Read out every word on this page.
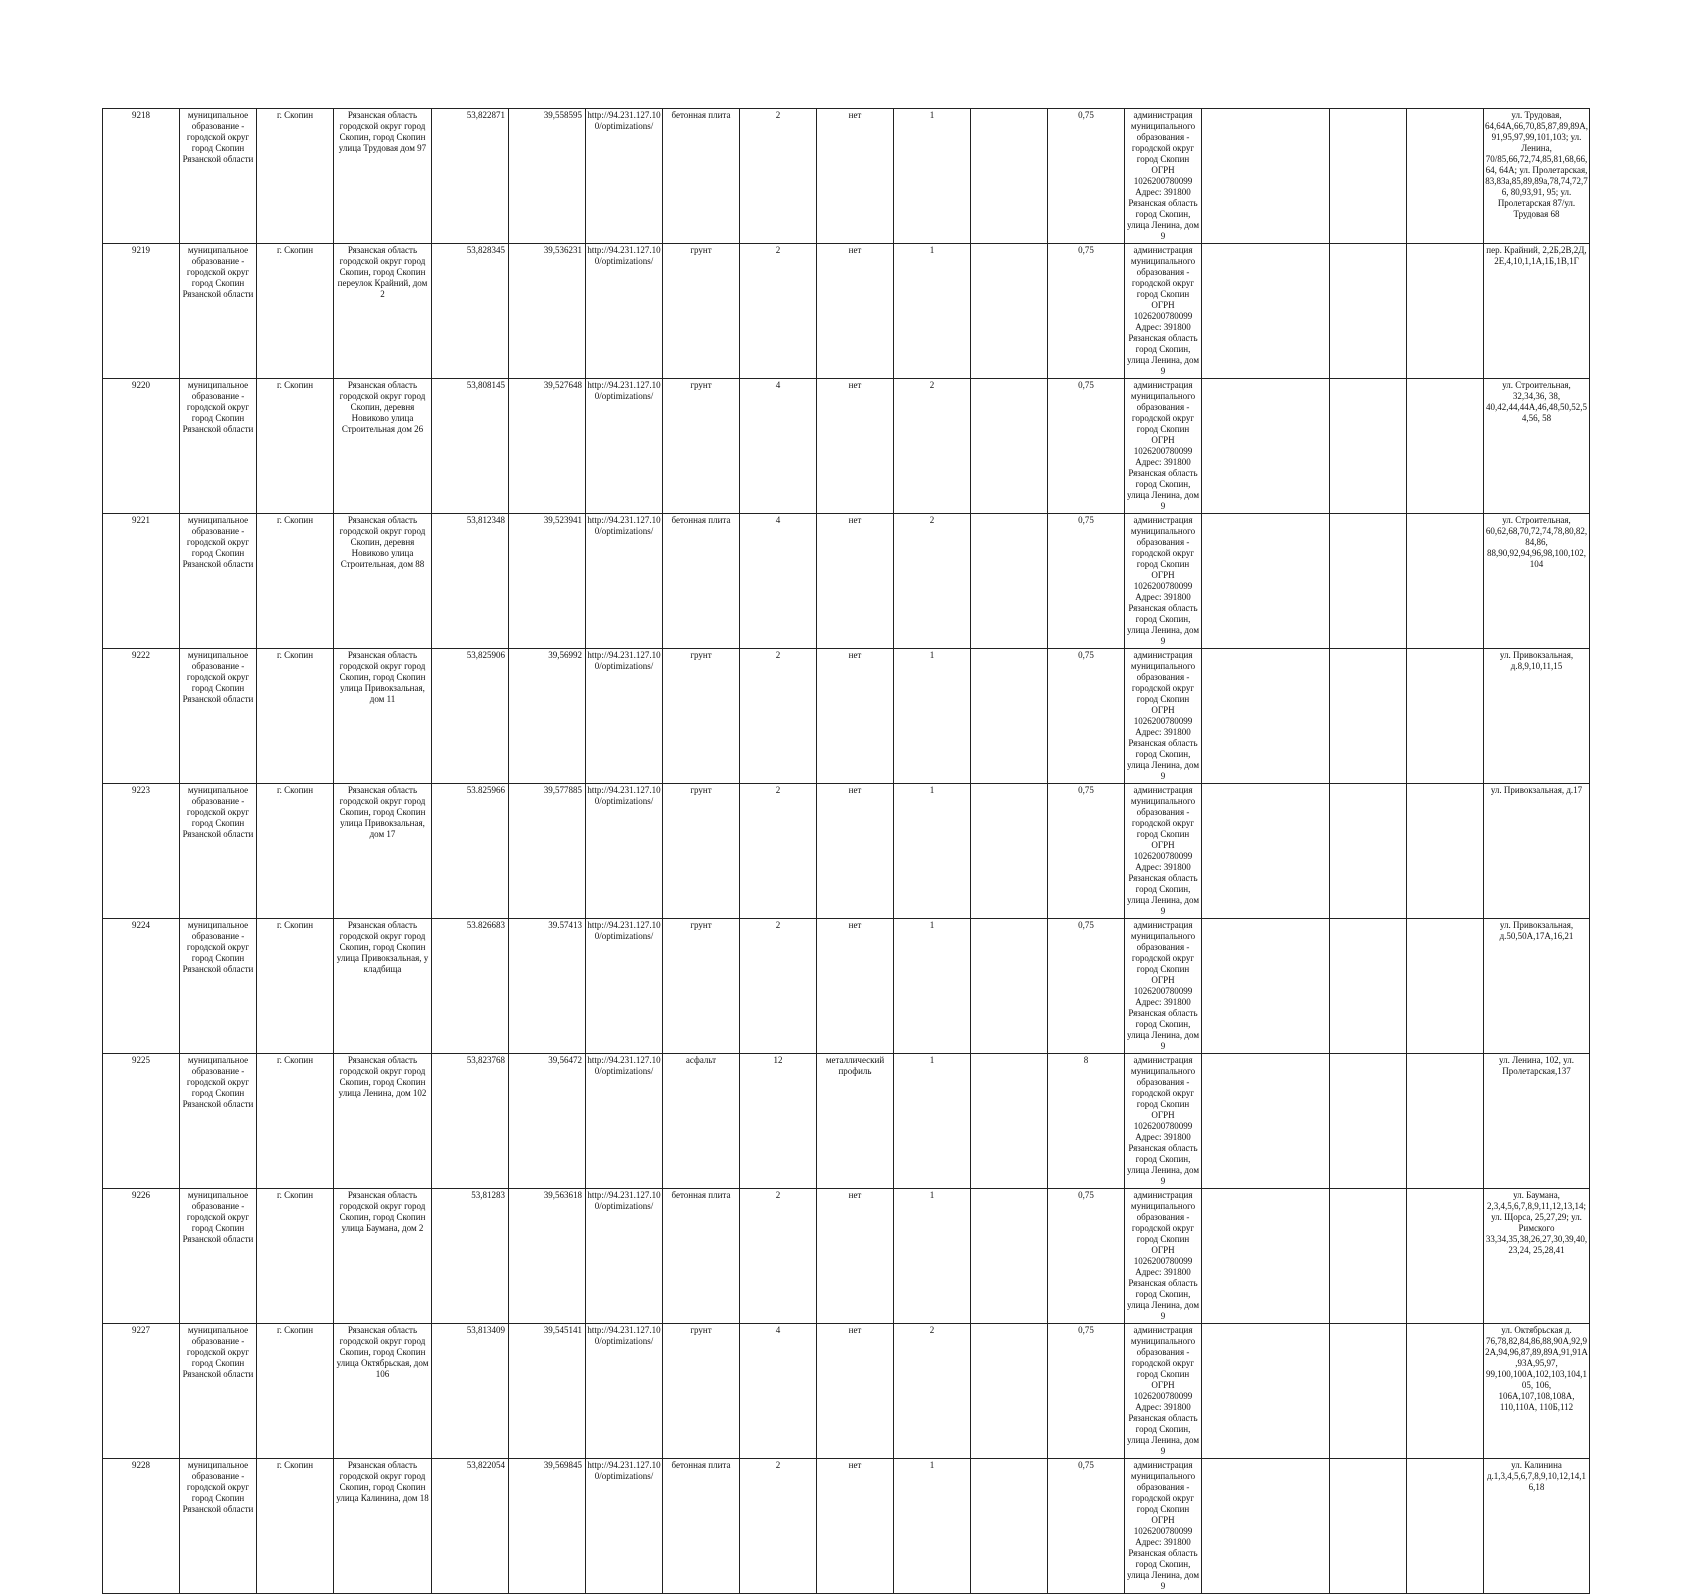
9218	муниципальное образование - городской округ город Скопин Рязанской области	г. Скопин	Рязанская область городской округ город Скопин, город Скопин улица Трудовая дом 97	53,822871	39,558595	http://94.231.127.100/optimizations/	бетонная плита	2	нет	1		0,75	администрация муниципального образования - городской округ город Скопин ОГРН 1026200780099 Адрес: 391800 Рязанская область город Скопин, улица Ленина, дом 9				ул. Трудовая, 64,64А,66,70,85,87,89,89А, 91,95,97,99,101,103; ул. Ленина, 70/85,66,72,74,85,81,68,66, 64, 64А; ул. Пролетарская, 83,83а,85,89,89а,78,74,72,76, 80,93,91, 95; ул. Пролетарская 87/ул. Трудовая 68
9219	муниципальное образование - городской округ город Скопин Рязанской области	г. Скопин	Рязанская область городской округ город Скопин, город Скопин переулок Крайний, дом 2	53,828345	39,536231	http://94.231.127.100/optimizations/	грунт	2	нет	1		0,75	администрация муниципального образования - городской округ город Скопин ОГРН 1026200780099 Адрес: 391800 Рязанская область город Скопин, улица Ленина, дом 9				пер. Крайний, 2,2Б,2В,2Д, 2Е,4,10,1,1А,1Б,1В,1Г
9220	муниципальное образование - городской округ город Скопин Рязанской области	г. Скопин	Рязанская область городской округ город Скопин, деревня Новиково улица Строительная дом 26	53,808145	39,527648	http://94.231.127.100/optimizations/	грунт	4	нет	2		0,75	администрация муниципального образования - городской округ город Скопин ОГРН 1026200780099 Адрес: 391800 Рязанская область город Скопин, улица Ленина, дом 9				ул. Строительная, 32,34,36, 38, 40,42,44,44А,46,48,50,52,54,56, 58
9221	муниципальное образование - городской округ город Скопин Рязанской области	г. Скопин	Рязанская область городской округ город Скопин, деревня Новиково улица Строительная, дом 88	53,812348	39,523941	http://94.231.127.100/optimizations/	бетонная плита	4	нет	2		0,75	администрация муниципального образования - городской округ город Скопин ОГРН 1026200780099 Адрес: 391800 Рязанская область город Скопин, улица Ленина, дом 9				ул. Строительная, 60,62,68,70,72,74,78,80,82, 84,86, 88,90,92,94,96,98,100,102, 104
9222	муниципальное образование - городской округ город Скопин Рязанской области	г. Скопин	Рязанская область городской округ город Скопин, город Скопин улица Привокзальная, дом 11	53,825906	39,56992	http://94.231.127.100/optimizations/	грунт	2	нет	1		0,75	администрация муниципального образования - городской округ город Скопин ОГРН 1026200780099 Адрес: 391800 Рязанская область город Скопин, улица Ленина, дом 9				ул. Привокзальная, д.8,9,10,11,15
9223	муниципальное образование - городской округ город Скопин Рязанской области	г. Скопин	Рязанская область городской округ город Скопин, город Скопин улица Привокзальная, дом 17	53.825966	39,577885	http://94.231.127.100/optimizations/	грунт	2	нет	1		0,75	администрация муниципального образования - городской округ город Скопин ОГРН 1026200780099 Адрес: 391800 Рязанская область город Скопин, улица Ленина, дом 9				ул. Привокзальная, д.17
9224	муниципальное образование - городской округ город Скопин Рязанской области	г. Скопин	Рязанская область городской округ город Скопин, город Скопин улица Привокзальная, у кладбища	53.826683	39.57413	http://94.231.127.100/optimizations/	грунт	2	нет	1		0,75	администрация муниципального образования - городской округ город Скопин ОГРН 1026200780099 Адрес: 391800 Рязанская область город Скопин, улица Ленина, дом 9				ул. Привокзальная, д.50,50А,17А,16,21
9225	муниципальное образование - городской округ город Скопин Рязанской области	г. Скопин	Рязанская область городской округ город Скопин, город Скопин улица Ленина, дом 102	53,823768	39,56472	http://94.231.127.100/optimizations/	асфальт	12	металлический профиль	1		8	администрация муниципального образования - городской округ город Скопин ОГРН 1026200780099 Адрес: 391800 Рязанская область город Скопин, улица Ленина, дом 9				ул. Ленина, 102, ул. Пролетарская,137
9226	муниципальное образование - городской округ город Скопин Рязанской области	г. Скопин	Рязанская область городской округ город Скопин, город Скопин улица Баумана, дом 2	53,81283	39,563618	http://94.231.127.100/optimizations/	бетонная плита	2	нет	1		0,75	администрация муниципального образования - городской округ город Скопин ОГРН 1026200780099 Адрес: 391800 Рязанская область город Скопин, улица Ленина, дом 9				ул. Баумана, 2,3,4,5,6,7,8,9,11,12,13,14; ул. Щорса, 25,27,29; ул. Римского 33,34,35,38,26,27,30,39,40, 23,24, 25,28,41
9227	муниципальное образование - городской округ город Скопин Рязанской области	г. Скопин	Рязанская область городской округ город Скопин, город Скопин улица Октябрьская, дом 106	53,813409	39,545141	http://94.231.127.100/optimizations/	грунт	4	нет	2		0,75	администрация муниципального образования - городской округ город Скопин ОГРН 1026200780099 Адрес: 391800 Рязанская область город Скопин, улица Ленина, дом 9				ул. Октябрьская д. 76,78,82,84,86,88,90А,92,92А,94,96,87,89,89А,91,91А ,93А,95,97, 99,100,100А,102,103,104,105, 106, 106А,107,108,108А, 110,110А, 110Б,112
9228	муниципальное образование - городской округ город Скопин Рязанской области	г. Скопин	Рязанская область городской округ город Скопин, город Скопин улица Калинина, дом 18	53,822054	39,569845	http://94.231.127.100/optimizations/	бетонная плита	2	нет	1		0,75	администрация муниципального образования - городской округ город Скопин ОГРН 1026200780099 Адрес: 391800 Рязанская область город Скопин, улица Ленина, дом 9				ул. Калинина д.1,3,4,5,6,7,8,9,10,12,14,16,18
